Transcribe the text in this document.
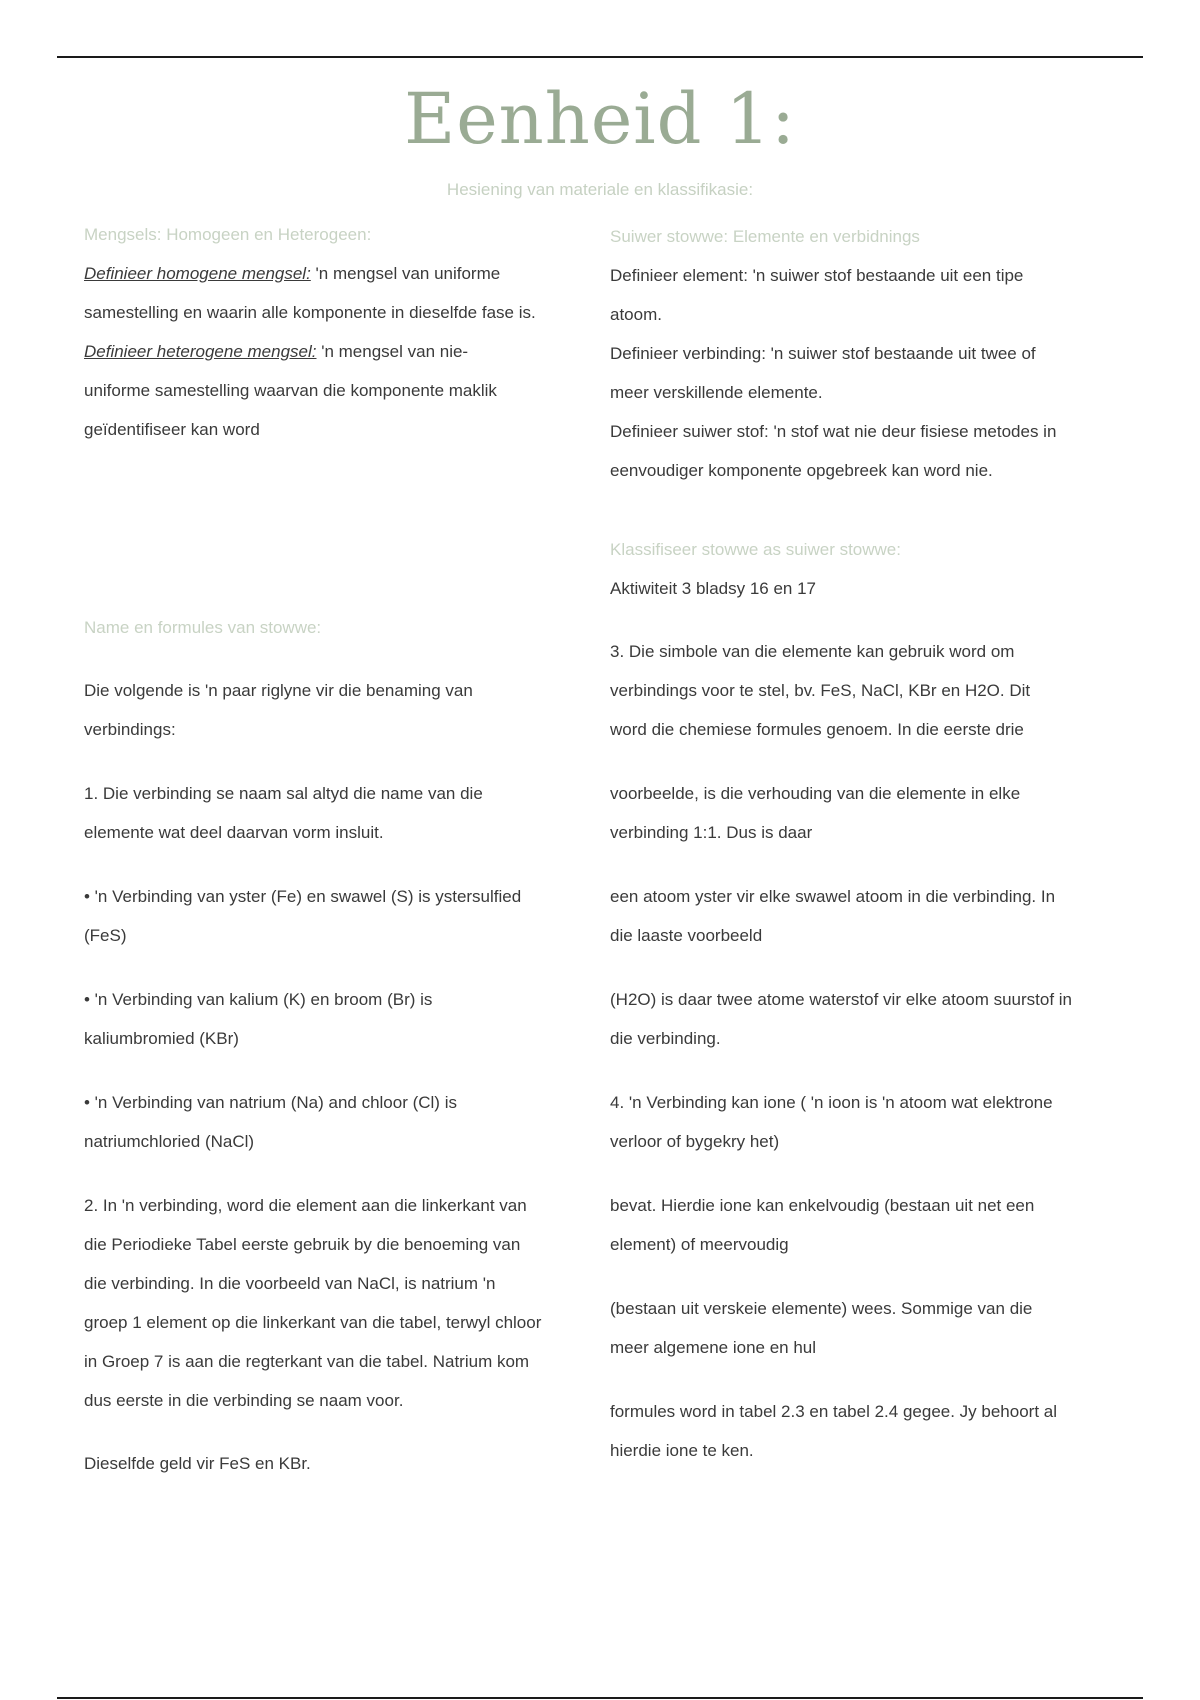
Eenheid 1:
Hesiening van materiale en klassifikasie:
Mengsels: Homogeen en Heterogeen:

Definieer homogene mengsel: 'n mengsel van uniforme

samestelling en waarin alle komponente in dieselfde fase is.

Definieer heterogene mengsel: 'n mengsel van nie-

uniforme samestelling waarvan die komponente maklik

geïdentifiseer kan word

Name en formules van stowwe:

Die volgende is 'n paar riglyne vir die benaming van

verbindings:

1. Die verbinding se naam sal altyd die name van die

elemente wat deel daarvan vorm insluit.

• 'n Verbinding van yster (Fe) en swawel (S) is ystersulfied

(FeS)

• 'n Verbinding van kalium (K) en broom (Br) is

kaliumbromied (KBr)

• 'n Verbinding van natrium (Na) and chloor (Cl) is

natriumchloried (NaCl)

2. In 'n verbinding, word die element aan die linkerkant van

die Periodieke Tabel eerste gebruik by die benoeming van

die verbinding. In die voorbeeld van NaCl, is natrium 'n

groep 1 element op die linkerkant van die tabel, terwyl chloor

in Groep 7 is aan die regterkant van die tabel. Natrium kom

dus eerste in die verbinding se naam voor.

Dieselfde geld vir FeS en KBr.

Suiwer stowwe: Elemente en verbidnings

Definieer element: 'n suiwer stof bestaande uit een tipe

atoom.

Definieer verbinding: 'n suiwer stof bestaande uit twee of

meer verskillende elemente.

Definieer suiwer stof: 'n stof wat nie deur fisiese metodes in

eenvoudiger komponente opgebreek kan word nie.

Klassifiseer stowwe as suiwer stowwe:

Aktiwiteit 3 bladsy 16 en 17

3. Die simbole van die elemente kan gebruik word om

verbindings voor te stel, bv. FeS, NaCl, KBr en H2O. Dit

word die chemiese formules genoem. In die eerste drie

voorbeelde, is die verhouding van die elemente in elke

verbinding 1:1. Dus is daar

een atoom yster vir elke swawel atoom in die verbinding. In

die laaste voorbeeld

(H2O) is daar twee atome waterstof vir elke atoom suurstof in

die verbinding.

4. 'n Verbinding kan ione ( 'n ioon is 'n atoom wat elektrone

verloor of bygekry het)

bevat. Hierdie ione kan enkelvoudig (bestaan uit net een

element) of meervoudig

(bestaan uit verskeie elemente) wees. Sommige van die

meer algemene ione en hul

formules word in tabel 2.3 en tabel 2.4 gegee. Jy behoort al

hierdie ione te ken.
